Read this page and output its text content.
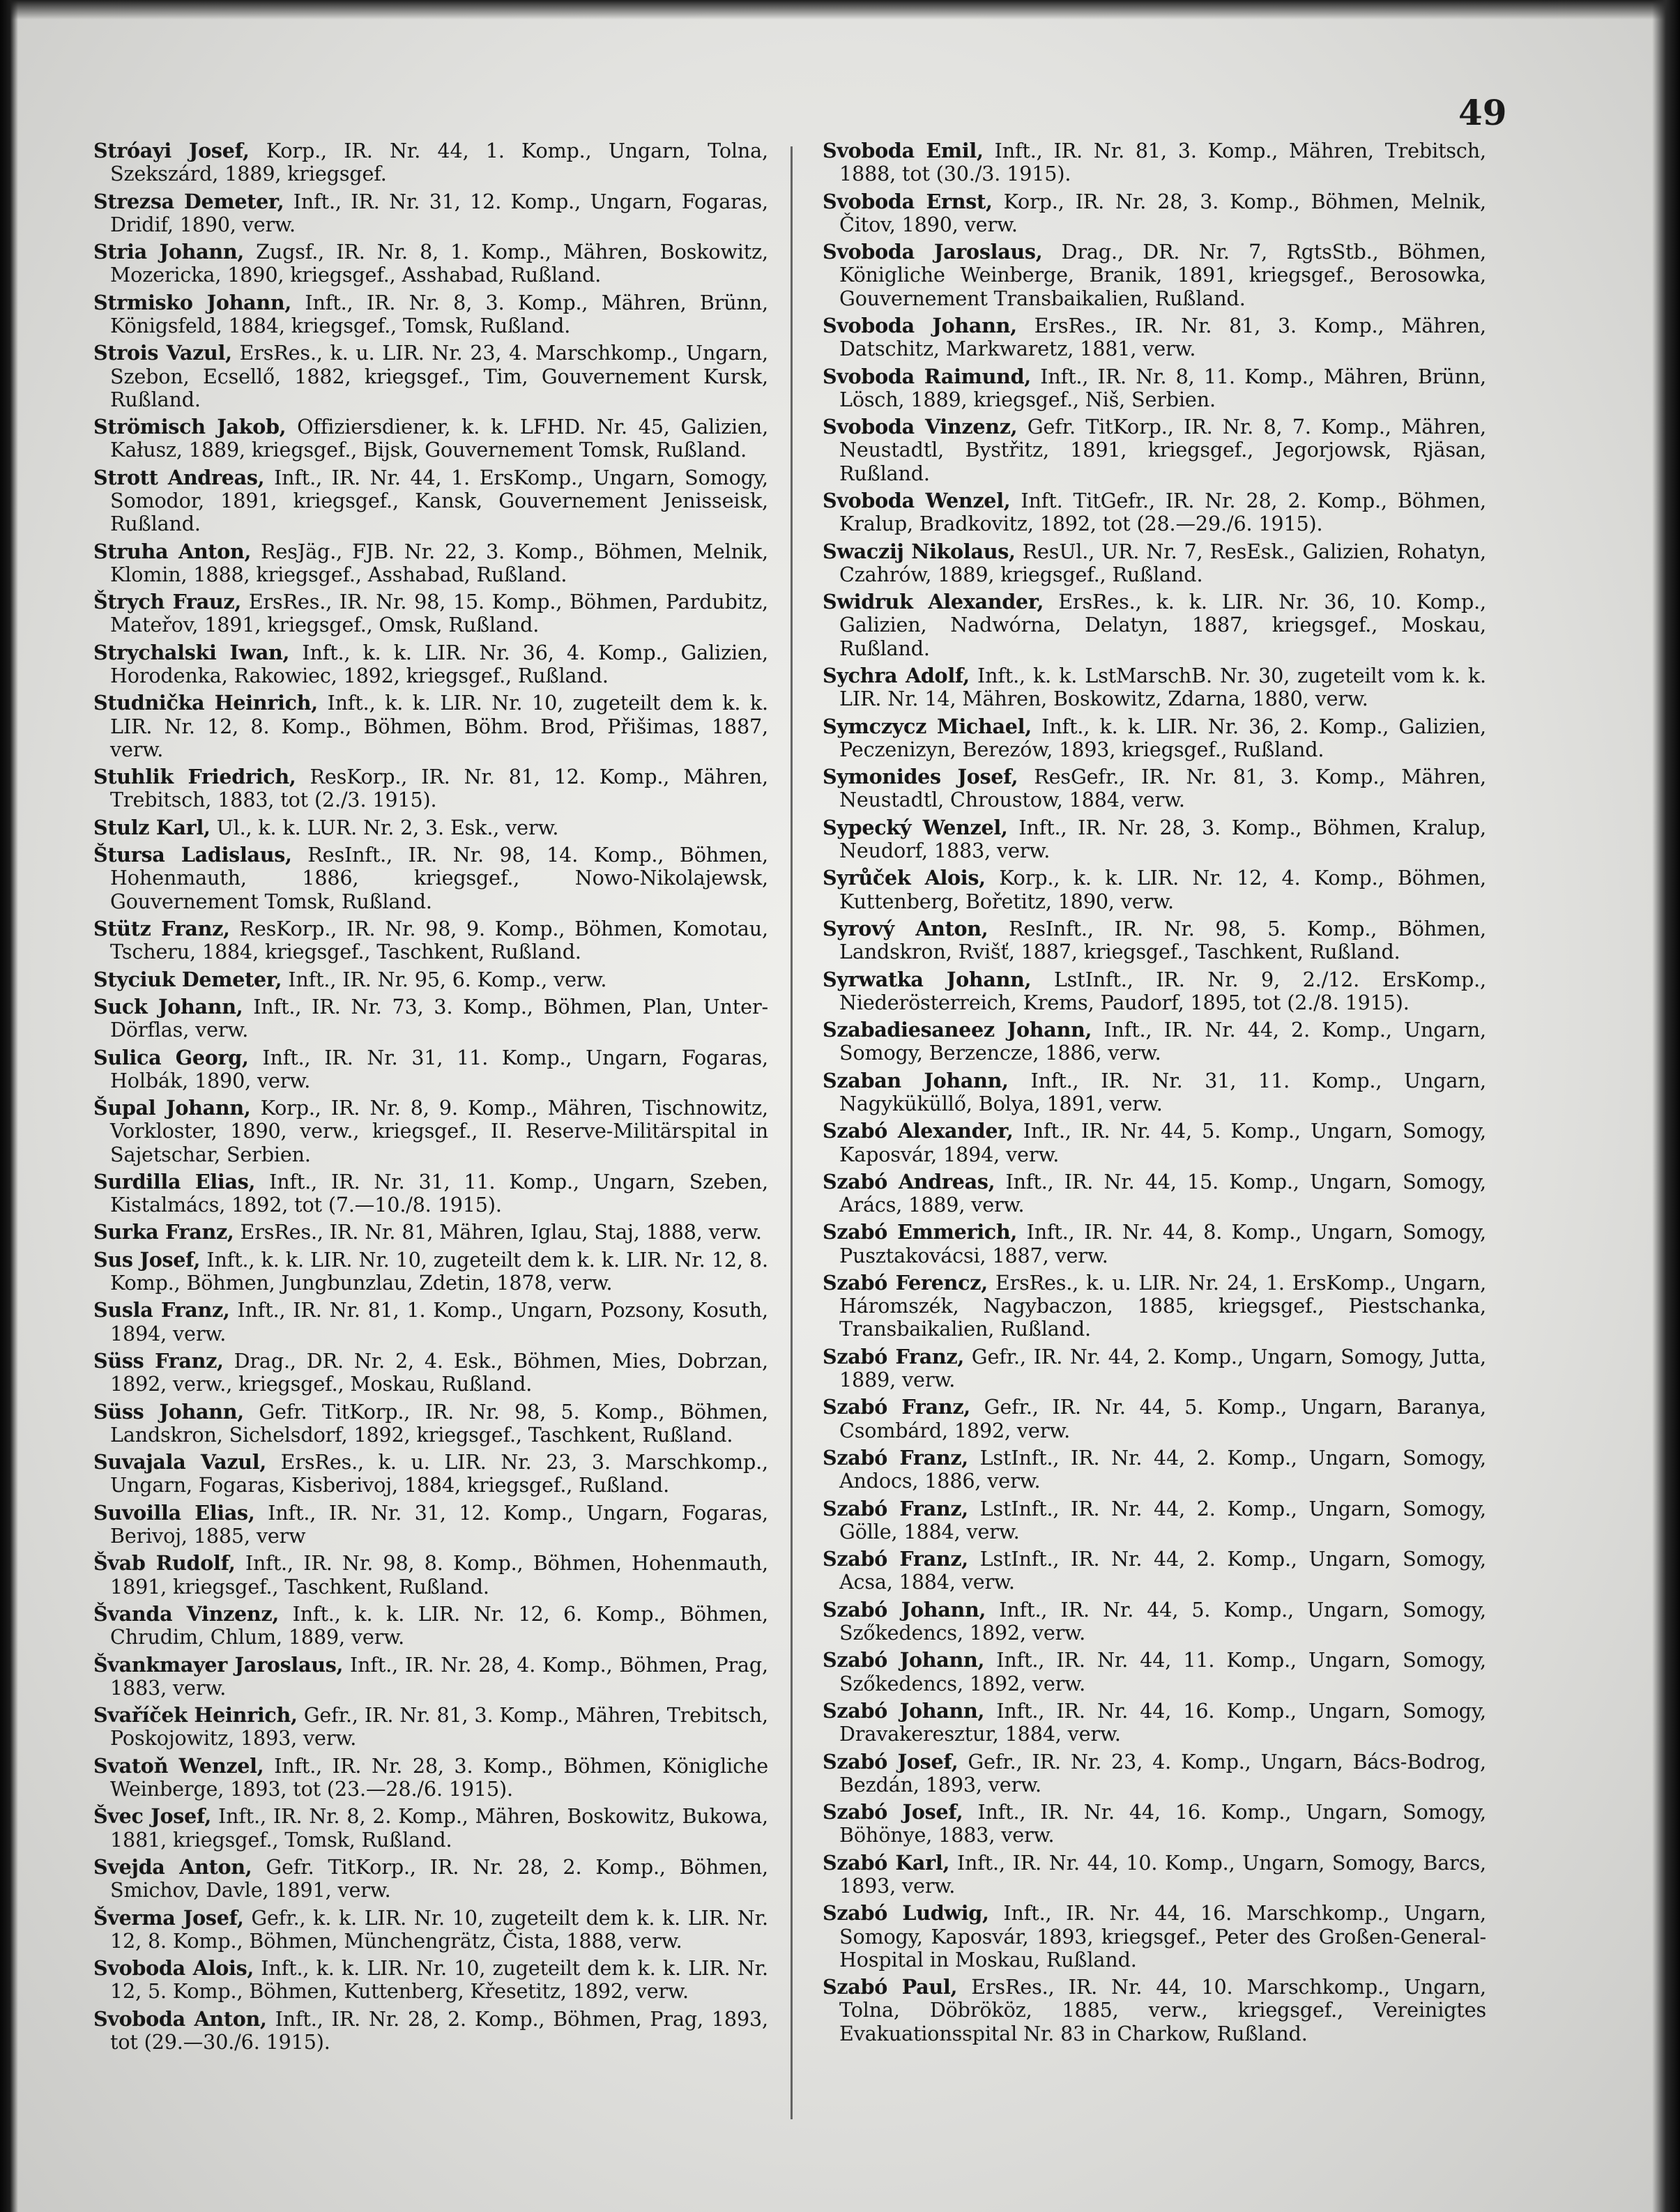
49

Stróayi Josef, Korp., IR. Nr. 44, 1. Komp., Ungarn, Tolna, Szekszárd, 1889, kriegsgef.

Strezsa Demeter, Inft., IR. Nr. 31, 12. Komp., Ungarn, Fogaras, Dridif, 1890, verw.

Stria Johann, Zugsf., IR. Nr. 8, 1. Komp., Mähren, Boskowitz, Mozericka, 1890, kriegsgef., Asshabad, Rußland.

Strmisko Johann, Inft., IR. Nr. 8, 3. Komp., Mähren, Brünn, Königsfeld, 1884, kriegsgef., Tomsk, Rußland.

Strois Vazul, ErsRes., k. u. LIR. Nr. 23, 4. Marschkomp., Ungarn, Szebon, Ecsellő, 1882, kriegsgef., Tim, Gouvernement Kursk, Rußland.

Strömisch Jakob, Offiziersdiener, k. k. LFHD. Nr. 45, Galizien, Kałusz, 1889, kriegsgef., Bijsk, Gouvernement Tomsk, Rußland.

Strott Andreas, Inft., IR. Nr. 44, 1. ErsKomp., Ungarn, Somogy, Somodor, 1891, kriegsgef., Kansk, Gouvernement Jenisseisk, Rußland.

Struha Anton, ResJäg., FJB. Nr. 22, 3. Komp., Böhmen, Melnik, Klomin, 1888, kriegsgef., Asshabad, Rußland.

Štrych Frauz, ErsRes., IR. Nr. 98, 15. Komp., Böhmen, Pardubitz, Mateřov, 1891, kriegsgef., Omsk, Rußland.

Strychalski Iwan, Inft., k. k. LIR. Nr. 36, 4. Komp., Galizien, Horodenka, Rakowiec, 1892, kriegsgef., Rußland.

Studnička Heinrich, Inft., k. k. LIR. Nr. 10, zugeteilt dem k. k. LIR. Nr. 12, 8. Komp., Böhmen, Böhm. Brod, Přišimas, 1887, verw.

Stuhlik Friedrich, ResKorp., IR. Nr. 81, 12. Komp., Mähren, Trebitsch, 1883, tot (2./3. 1915).

Stulz Karl, Ul., k. k. LUR. Nr. 2, 3. Esk., verw.

Štursa Ladislaus, ResInft., IR. Nr. 98, 14. Komp., Böhmen, Hohenmauth, 1886, kriegsgef., Nowo-Nikolajewsk, Gouvernement Tomsk, Rußland.

Stütz Franz, ResKorp., IR. Nr. 98, 9. Komp., Böhmen, Komotau, Tscheru, 1884, kriegsgef., Taschkent, Rußland.

Styciuk Demeter, Inft., IR. Nr. 95, 6. Komp., verw.

Suck Johann, Inft., IR. Nr. 73, 3. Komp., Böhmen, Plan, Unter-Dörflas, verw.

Sulica Georg, Inft., IR. Nr. 31, 11. Komp., Ungarn, Fogaras, Holbák, 1890, verw.

Šupal Johann, Korp., IR. Nr. 8, 9. Komp., Mähren, Tischnowitz, Vorkloster, 1890, verw., kriegsgef., II. Reserve-Militärspital in Sajetschar, Serbien.

Surdilla Elias, Inft., IR. Nr. 31, 11. Komp., Ungarn, Szeben, Kistalmács, 1892, tot (7.—10./8. 1915).

Surka Franz, ErsRes., IR. Nr. 81, Mähren, Iglau, Staj, 1888, verw.

Sus Josef, Inft., k. k. LIR. Nr. 10, zugeteilt dem k. k. LIR. Nr. 12, 8. Komp., Böhmen, Jungbunzlau, Zdetin, 1878, verw.

Susla Franz, Inft., IR. Nr. 81, 1. Komp., Ungarn, Pozsony, Kosuth, 1894, verw.

Süss Franz, Drag., DR. Nr. 2, 4. Esk., Böhmen, Mies, Dobrzan, 1892, verw., kriegsgef., Moskau, Rußland.

Süss Johann, Gefr. TitKorp., IR. Nr. 98, 5. Komp., Böhmen, Landskron, Sichelsdorf, 1892, kriegsgef., Taschkent, Rußland.

Suvajala Vazul, ErsRes., k. u. LIR. Nr. 23, 3. Marschkomp., Ungarn, Fogaras, Kisberivoj, 1884, kriegsgef., Rußland.

Suvoilla Elias, Inft., IR. Nr. 31, 12. Komp., Ungarn, Fogaras, Berivoj, 1885, verw

Švab Rudolf, Inft., IR. Nr. 98, 8. Komp., Böhmen, Hohenmauth, 1891, kriegsgef., Taschkent, Rußland.

Švanda Vinzenz, Inft., k. k. LIR. Nr. 12, 6. Komp., Böhmen, Chrudim, Chlum, 1889, verw.

Švankmayer Jaroslaus, Inft., IR. Nr. 28, 4. Komp., Böhmen, Prag, 1883, verw.

Svaříček Heinrich, Gefr., IR. Nr. 81, 3. Komp., Mähren, Trebitsch, Poskojowitz, 1893, verw.

Svatoň Wenzel, Inft., IR. Nr. 28, 3. Komp., Böhmen, Königliche Weinberge, 1893, tot (23.—28./6. 1915).

Švec Josef, Inft., IR. Nr. 8, 2. Komp., Mähren, Boskowitz, Bukowa, 1881, kriegsgef., Tomsk, Rußland.

Svejda Anton, Gefr. TitKorp., IR. Nr. 28, 2. Komp., Böhmen, Smichov, Davle, 1891, verw.

Šverma Josef, Gefr., k. k. LIR. Nr. 10, zugeteilt dem k. k. LIR. Nr. 12, 8. Komp., Böhmen, Münchengrätz, Čista, 1888, verw.

Svoboda Alois, Inft., k. k. LIR. Nr. 10, zugeteilt dem k. k. LIR. Nr. 12, 5. Komp., Böhmen, Kuttenberg, Křesetitz, 1892, verw.

Svoboda Anton, Inft., IR. Nr. 28, 2. Komp., Böhmen, Prag, 1893, tot (29.—30./6. 1915).

Svoboda Emil, Inft., IR. Nr. 81, 3. Komp., Mähren, Trebitsch, 1888, tot (30./3. 1915).

Svoboda Ernst, Korp., IR. Nr. 28, 3. Komp., Böhmen, Melnik, Čitov, 1890, verw.

Svoboda Jaroslaus, Drag., DR. Nr. 7, RgtsStb., Böhmen, Königliche Weinberge, Branik, 1891, kriegsgef., Berosowka, Gouvernement Transbaikalien, Rußland.

Svoboda Johann, ErsRes., IR. Nr. 81, 3. Komp., Mähren, Datschitz, Markwaretz, 1881, verw.

Svoboda Raimund, Inft., IR. Nr. 8, 11. Komp., Mähren, Brünn, Lösch, 1889, kriegsgef., Niš, Serbien.

Svoboda Vinzenz, Gefr. TitKorp., IR. Nr. 8, 7. Komp., Mähren, Neustadtl, Bystřitz, 1891, kriegsgef., Jegorjowsk, Rjäsan, Rußland.

Svoboda Wenzel, Inft. TitGefr., IR. Nr. 28, 2. Komp., Böhmen, Kralup, Bradkovitz, 1892, tot (28.—29./6. 1915).

Swaczij Nikolaus, ResUl., UR. Nr. 7, ResEsk., Galizien, Rohatyn, Czahrów, 1889, kriegsgef., Rußland.

Swidruk Alexander, ErsRes., k. k. LIR. Nr. 36, 10. Komp., Galizien, Nadwórna, Delatyn, 1887, kriegsgef., Moskau, Rußland.

Sychra Adolf, Inft., k. k. LstMarschB. Nr. 30, zugeteilt vom k. k. LIR. Nr. 14, Mähren, Boskowitz, Zdarna, 1880, verw.

Symczycz Michael, Inft., k. k. LIR. Nr. 36, 2. Komp., Galizien, Peczenizyn, Berezów, 1893, kriegsgef., Rußland.

Symonides Josef, ResGefr., IR. Nr. 81, 3. Komp., Mähren, Neustadtl, Chroustow, 1884, verw.

Sypecký Wenzel, Inft., IR. Nr. 28, 3. Komp., Böhmen, Kralup, Neudorf, 1883, verw.

Syrůček Alois, Korp., k. k. LIR. Nr. 12, 4. Komp., Böhmen, Kuttenberg, Bořetitz, 1890, verw.

Syrový Anton, ResInft., IR. Nr. 98, 5. Komp., Böhmen, Landskron, Rvišť, 1887, kriegsgef., Taschkent, Rußland.

Syrwatka Johann, LstInft., IR. Nr. 9, 2./12. ErsKomp., Niederösterreich, Krems, Paudorf, 1895, tot (2./8. 1915).

Szabadiesaneez Johann, Inft., IR. Nr. 44, 2. Komp., Ungarn, Somogy, Berzencze, 1886, verw.

Szaban Johann, Inft., IR. Nr. 31, 11. Komp., Ungarn, Nagyküküllő, Bolya, 1891, verw.

Szabó Alexander, Inft., IR. Nr. 44, 5. Komp., Ungarn, Somogy, Kaposvár, 1894, verw.

Szabó Andreas, Inft., IR. Nr. 44, 15. Komp., Ungarn, Somogy, Arács, 1889, verw.

Szabó Emmerich, Inft., IR. Nr. 44, 8. Komp., Ungarn, Somogy, Pusztakovácsi, 1887, verw.

Szabó Ferencz, ErsRes., k. u. LIR. Nr. 24, 1. ErsKomp., Ungarn, Háromszék, Nagybaczon, 1885, kriegsgef., Piestschanka, Transbaikalien, Rußland.

Szabó Franz, Gefr., IR. Nr. 44, 2. Komp., Ungarn, Somogy, Jutta, 1889, verw.

Szabó Franz, Gefr., IR. Nr. 44, 5. Komp., Ungarn, Baranya, Csombárd, 1892, verw.

Szabó Franz, LstInft., IR. Nr. 44, 2. Komp., Ungarn, Somogy, Andocs, 1886, verw.

Szabó Franz, LstInft., IR. Nr. 44, 2. Komp., Ungarn, Somogy, Gölle, 1884, verw.

Szabó Franz, LstInft., IR. Nr. 44, 2. Komp., Ungarn, Somogy, Acsa, 1884, verw.

Szabó Johann, Inft., IR. Nr. 44, 5. Komp., Ungarn, Somogy, Szőkedencs, 1892, verw.

Szabó Johann, Inft., IR. Nr. 44, 11. Komp., Ungarn, Somogy, Szőkedencs, 1892, verw.

Szabó Johann, Inft., IR. Nr. 44, 16. Komp., Ungarn, Somogy, Dravakeresztur, 1884, verw.

Szabó Josef, Gefr., IR. Nr. 23, 4. Komp., Ungarn, Bács-Bodrog, Bezdán, 1893, verw.

Szabó Josef, Inft., IR. Nr. 44, 16. Komp., Ungarn, Somogy, Böhönye, 1883, verw.

Szabó Karl, Inft., IR. Nr. 44, 10. Komp., Ungarn, Somogy, Barcs, 1893, verw.

Szabó Ludwig, Inft., IR. Nr. 44, 16. Marschkomp., Ungarn, Somogy, Kaposvár, 1893, kriegsgef., Peter des Großen-General-Hospital in Moskau, Rußland.

Szabó Paul, ErsRes., IR. Nr. 44, 10. Marschkomp., Ungarn, Tolna, Döbrököz, 1885, verw., kriegsgef., Vereinigtes Evakuationsspital Nr. 83 in Charkow, Rußland.
